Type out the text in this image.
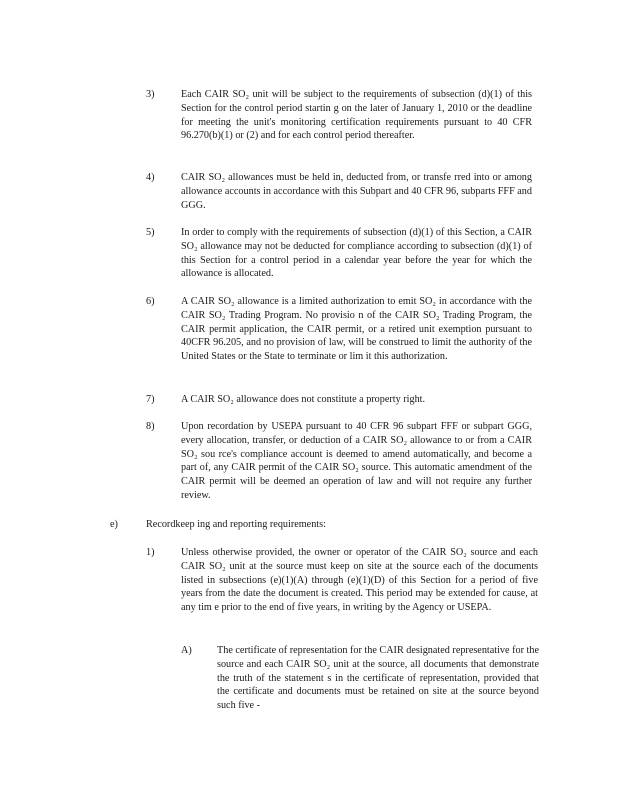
3)	Each CAIR SO₂ unit will be subject to the requirements of subsection (d)(1) of this Section for the control period startin g on the later of January 1, 2010 or the deadline for meeting the unit's monitoring certification requirements pursuant to 40 CFR 96.270(b)(1) or (2) and for each control period thereafter.
4)	CAIR SO₂ allowances must be held in, deducted from, or transfe rred into or among allowance accounts in accordance with this Subpart and 40 CFR 96, subparts FFF and GGG.
5)	In order to comply with the requirements of subsection (d)(1) of this Section, a CAIR SO₂ allowance may not be deducted for compliance according to subsection (d)(1) of this Section for a control period in a calendar year before the year for which the allowance is allocated.
6)	A CAIR SO₂ allowance is a limited authorization to emit SO₂ in accordance with the CAIR SO₂ Trading Program. No provisio n of the CAIR SO₂ Trading Program, the CAIR permit application, the CAIR permit, or a retired unit exemption pursuant to 40CFR 96.205, and no provision of law, will be construed to limit the authority of the United States or the State to terminate or lim it this authorization.
7)	A CAIR SO₂ allowance does not constitute a property right.
8)	Upon recordation by USEPA pursuant to 40 CFR 96 subpart FFF or subpart GGG, every allocation, transfer, or deduction of a CAIR SO₂ allowance to or from a CAIR SO₂ sou rce's compliance account is deemed to amend automatically, and become a part of, any CAIR permit of the CAIR SO₂ source. This automatic amendment of the CAIR permit will be deemed an operation of law and will not require any further review.
e)	Recordkeep ing and reporting requirements:
1)	Unless otherwise provided, the owner or operator of the CAIR SO₂ source and each CAIR SO₂ unit at the source must keep on site at the source each of the documents listed in subsections (e)(1)(A) through (e)(1)(D) of this Section for a period of five years from the date the document is created. This period may be extended for cause, at any tim e prior to the end of five years, in writing by the Agency or USEPA.
A) The certificate of representation for the CAIR designated representative for the source and each CAIR SO₂ unit at the source, all documents that demonstrate the truth of the statement s in the certificate of representation, provided that the certificate and documents must be retained on site at the source beyond such five -
